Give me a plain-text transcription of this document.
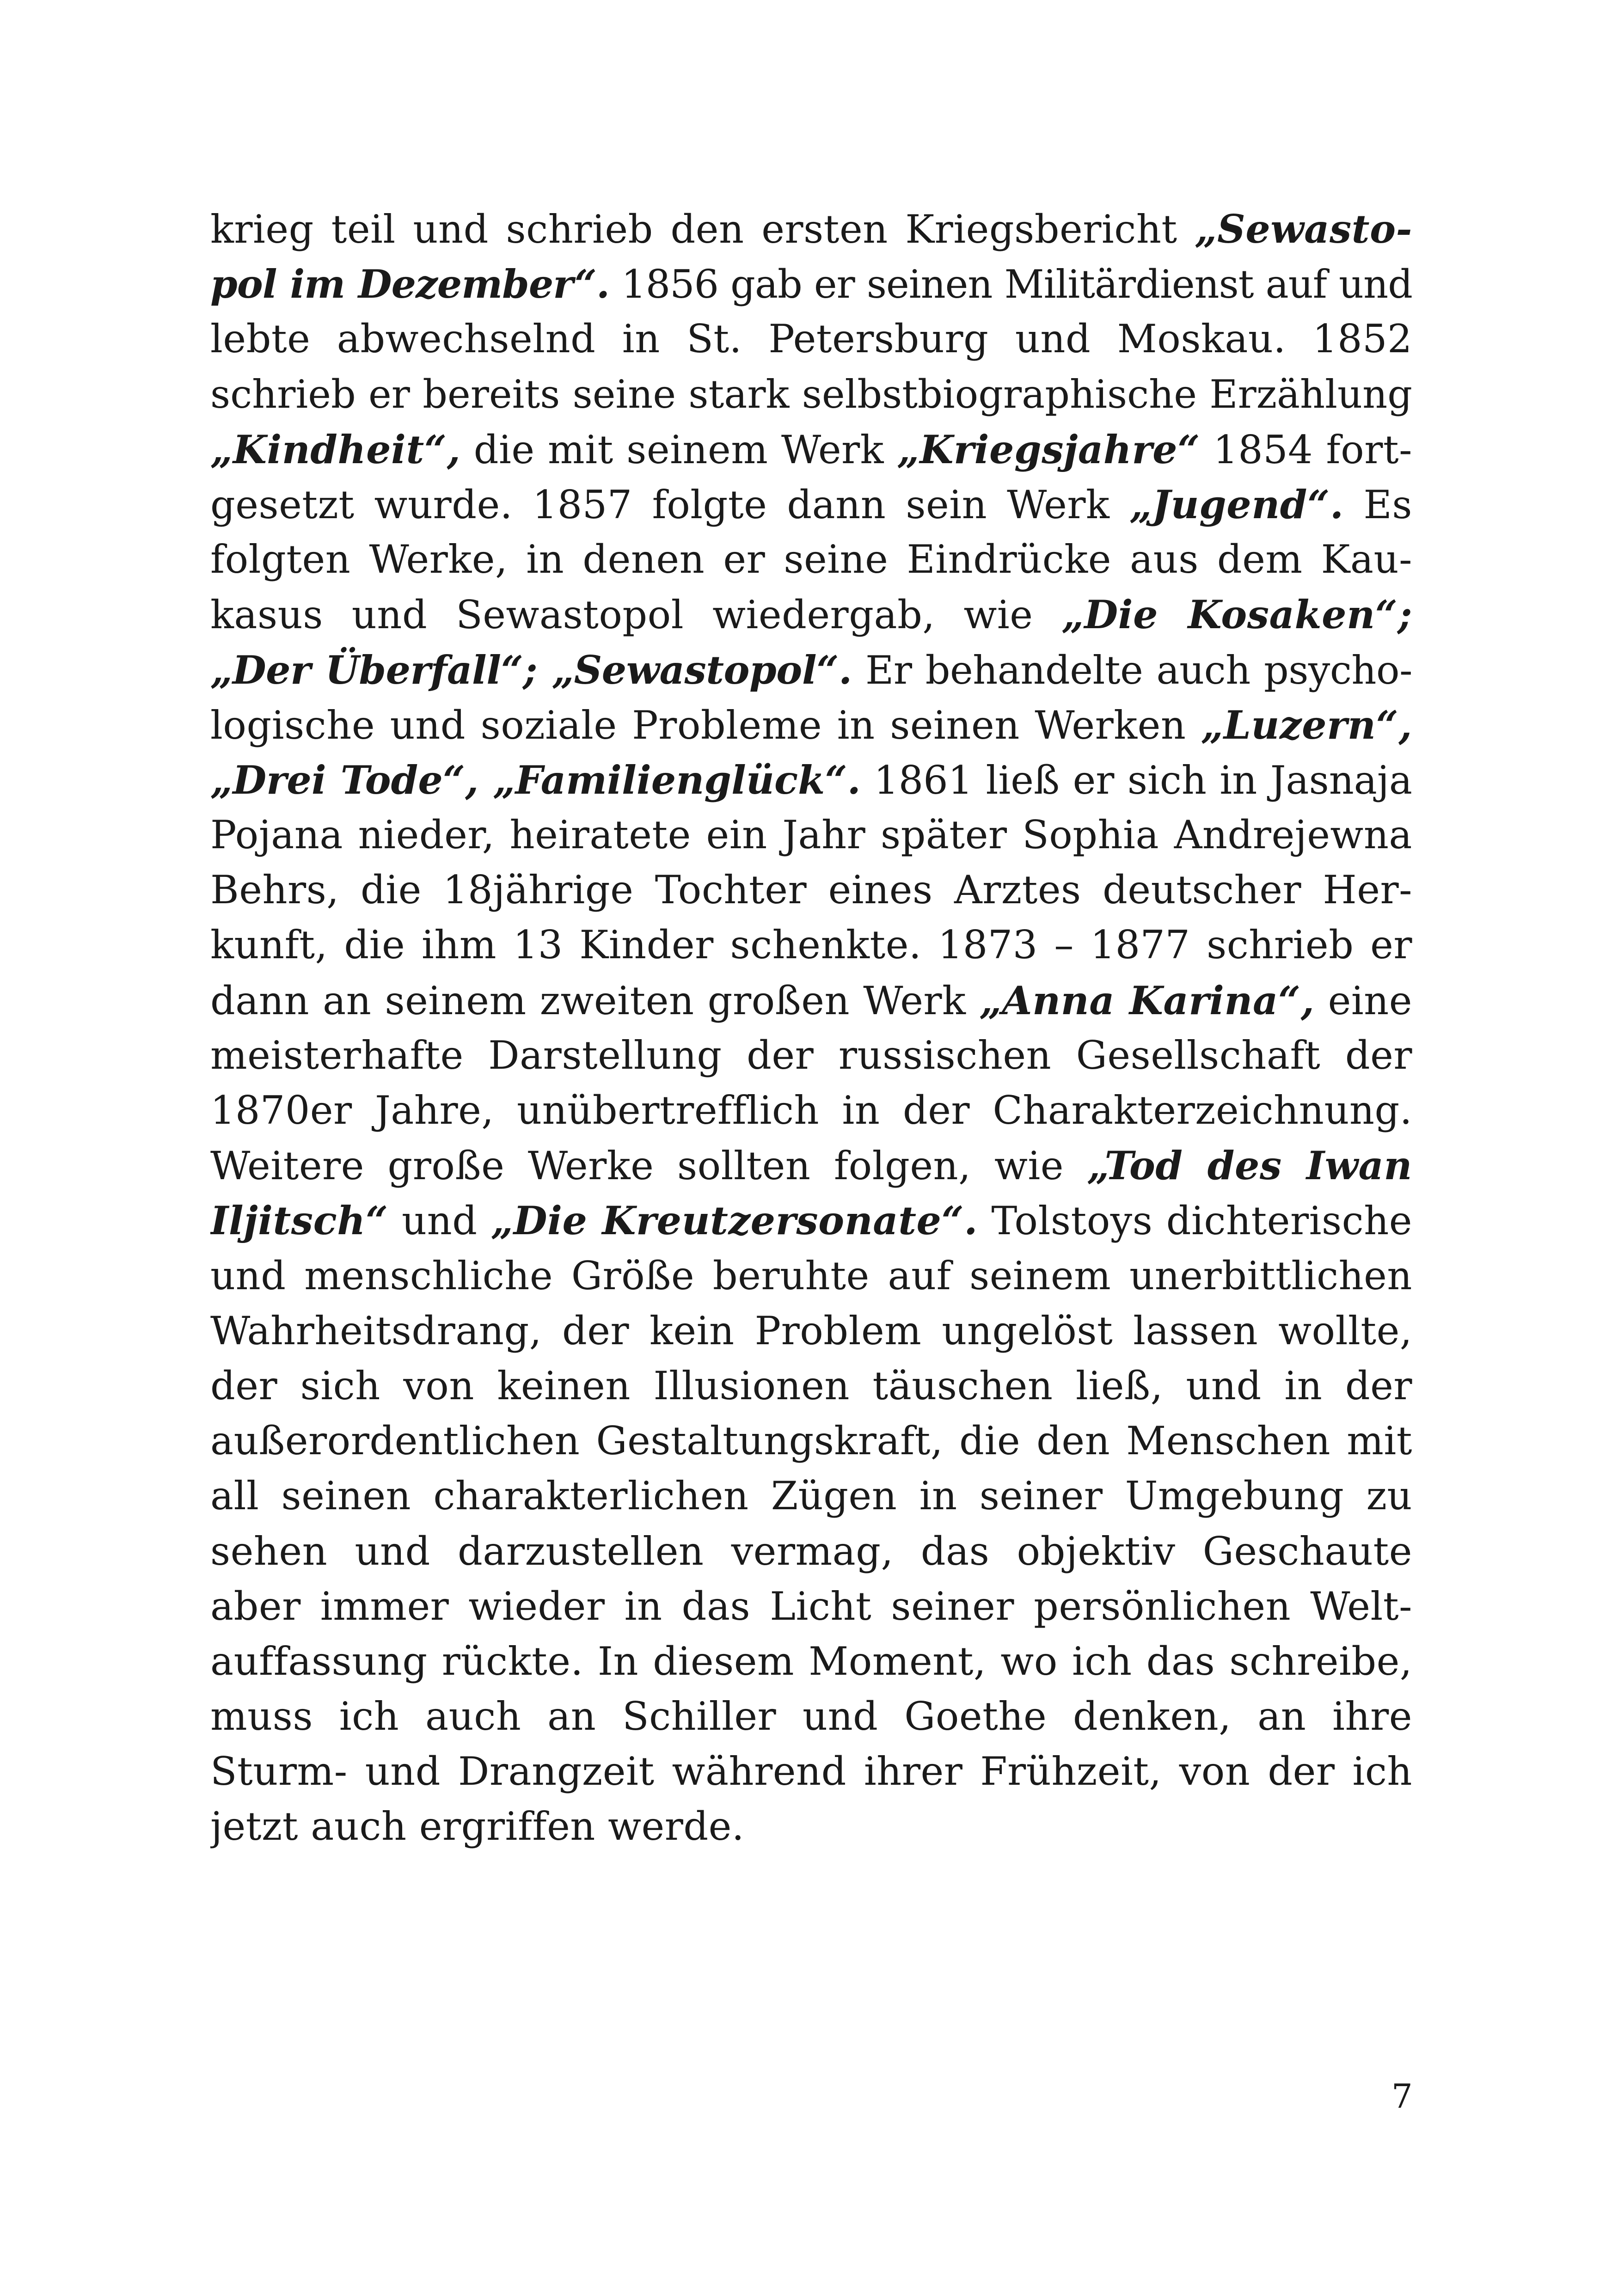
krieg teil und schrieb den ersten Kriegsbericht „Sewasto-
pol im Dezember“. 1856 gab er seinen Militärdienst auf und
lebte abwechselnd in St. Petersburg und Moskau. 1852
schrieb er bereits seine stark selbstbiographische Erzählung
„Kindheit“, die mit seinem Werk „Kriegsjahre“ 1854 fort-
gesetzt wurde. 1857 folgte dann sein Werk „Jugend“. Es
folgten Werke, in denen er seine Eindrücke aus dem Kau-
kasus und Sewastopol wiedergab, wie „Die Kosaken“;
„Der Überfall“; „Sewastopol“. Er behandelte auch psycho-
logische und soziale Probleme in seinen Werken „Luzern“,
„Drei Tode“, „Familienglück“. 1861 ließ er sich in Jasnaja
Pojana nieder, heiratete ein Jahr später Sophia Andrejewna
Behrs, die 18jährige Tochter eines Arztes deutscher Her-
kunft, die ihm 13 Kinder schenkte. 1873 – 1877 schrieb er
dann an seinem zweiten großen Werk „Anna Karina“, eine
meisterhafte Darstellung der russischen Gesellschaft der
1870er Jahre, unübertrefflich in der Charakterzeichnung.
Weitere große Werke sollten folgen, wie „Tod des Iwan
Iljitsch“ und „Die Kreutzersonate“. Tolstoys dichterische
und menschliche Größe beruhte auf seinem unerbittlichen
Wahrheitsdrang, der kein Problem ungelöst lassen wollte,
der sich von keinen Illusionen täuschen ließ, und in der
außerordentlichen Gestaltungskraft, die den Menschen mit
all seinen charakterlichen Zügen in seiner Umgebung zu
sehen und darzustellen vermag, das objektiv Geschaute
aber immer wieder in das Licht seiner persönlichen Welt-
auffassung rückte. In diesem Moment, wo ich das schreibe,
muss ich auch an Schiller und Goethe denken, an ihre
Sturm- und Drangzeit während ihrer Frühzeit, von der ich
jetzt auch ergriffen werde.
7
